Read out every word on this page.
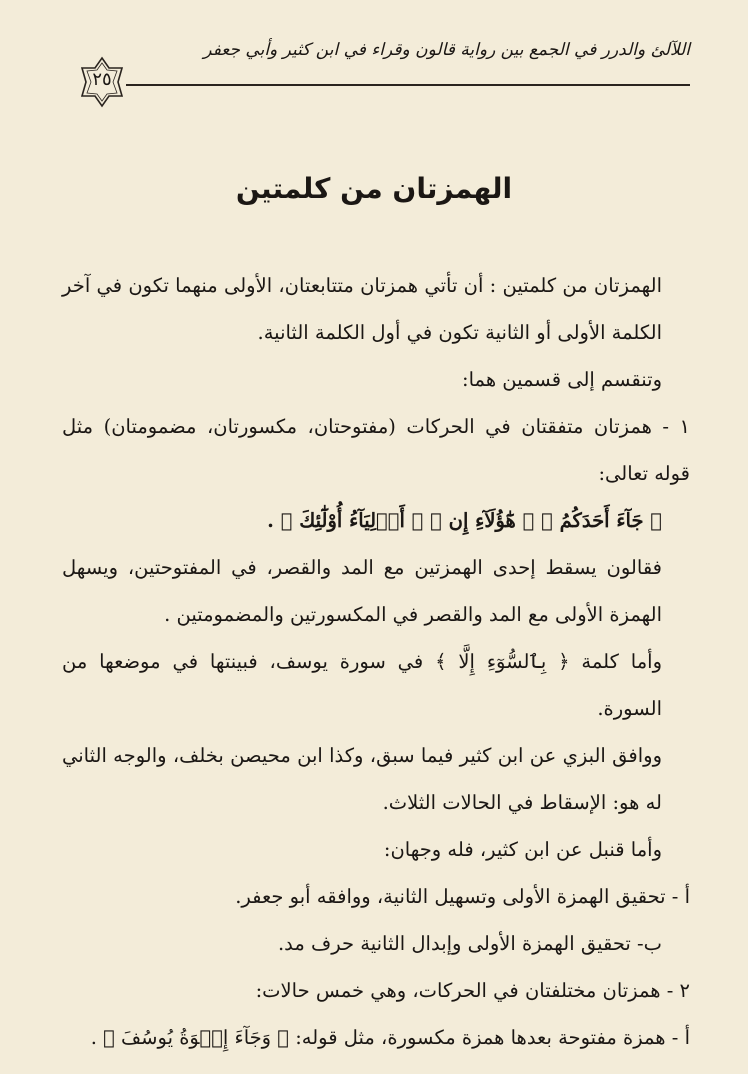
اللآلئ والدرر في الجمع بين رواية قالون وقراء في ابن كثير وأبي جعفر
٢٥
الهمزتان من كلمتين

الهمزتان من كلمتين : أن تأتي همزتان متتابعتان، الأولى منهما تكون في آخر الكلمة الأولى أو الثانية تكون في أول الكلمة الثانية.

وتنقسم إلى قسمين هما:

١ - همزتان متفقتان في الحركات (مفتوحتان، مكسورتان، مضمومتان) مثل قوله تعالى:

﴿ جَآءَ أَحَدَكُمُ ﴾ ﴿ هَٰٓؤُلَآءِ إِن ﴾ ﴿ أَوۡلِيَآءُ أُوْلَٰٓئِكَ ﴾ .

فقالون يسقط إحدى الهمزتين مع المد والقصر، في المفتوحتين، ويسهل الهمزة الأولى مع المد والقصر في المكسورتين والمضمومتين .

وأما كلمة ﴿ بِٱلسُّوٓءِ إِلَّا ﴾ في سورة يوسف، فبينتها في موضعها من السورة.

ووافق البزي عن ابن كثير فيما سبق، وكذا ابن محيصن بخلف، والوجه الثاني له هو: الإسقاط في الحالات الثلاث.

وأما قنبل عن ابن كثير، فله وجهان:

أ - تحقيق الهمزة الأولى وتسهيل الثانية، ووافقه أبو جعفر.

ب- تحقيق الهمزة الأولى وإبدال الثانية حرف مد.

٢ - همزتان مختلفتان في الحركات، وهي خمس حالات:

أ - همزة مفتوحة بعدها همزة مكسورة، مثل قوله: ﴿ وَجَآءَ إِخۡوَةُ يُوسُفَ ﴾ .
